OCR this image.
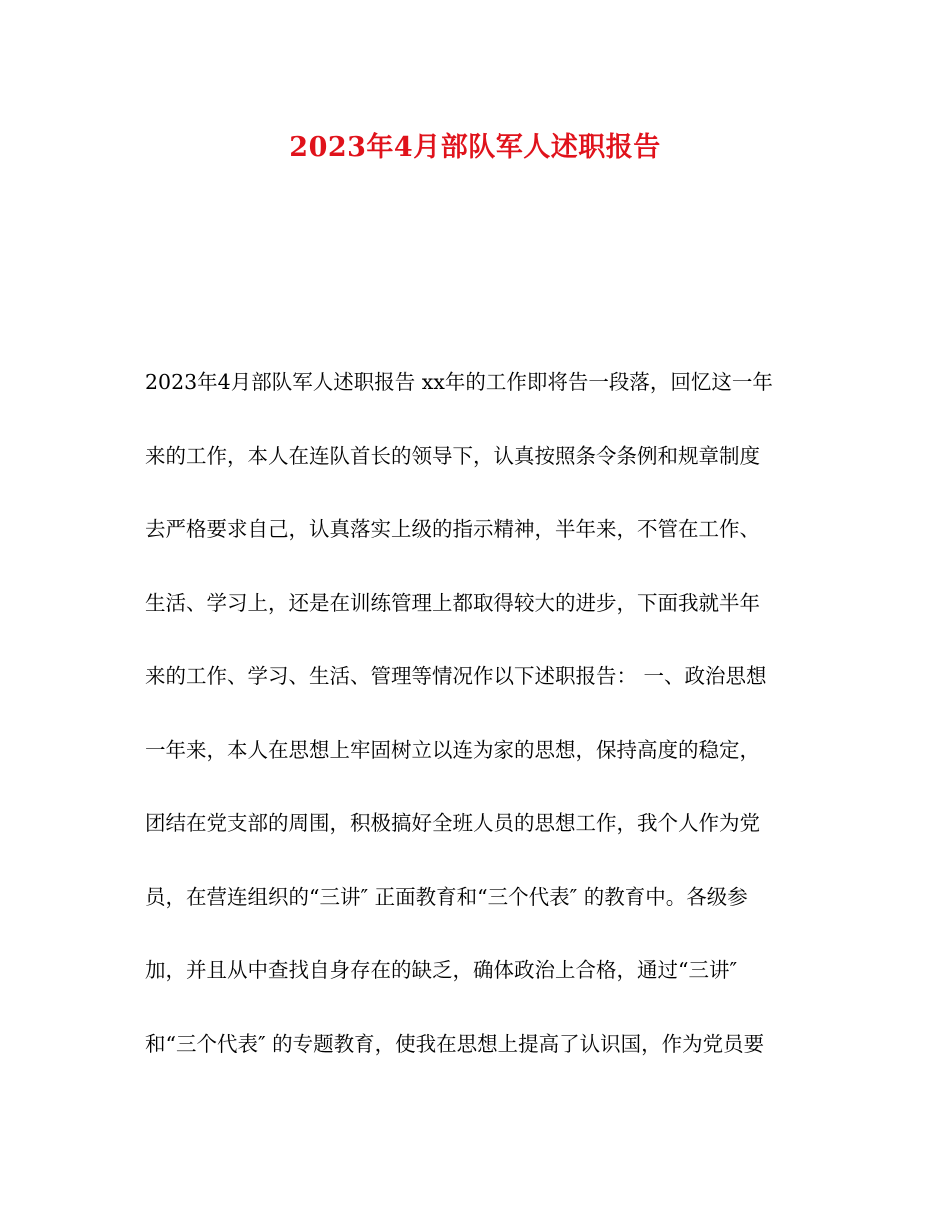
2023年4月部队军人述职报告
2023年4月部队军人述职报告 xx年的工作即将告一段落，回忆这一年
来的工作，本人在连队首长的领导下，认真按照条令条例和规章制度
去严格要求自己，认真落实上级的指示精神，半年来，不管在工作、
生活、学习上，还是在训练管理上都取得较大的进步，下面我就半年
来的工作、学习、生活、管理等情况作以下述职报告： 一、政治思想
一年来，本人在思想上牢固树立以连为家的思想，保持高度的稳定，
团结在党支部的周围，积极搞好全班人员的思想工作，我个人作为党
员，在营连组织的“三讲″ 正面教育和“三个代表″ 的教育中。各级参
加，并且从中查找自身存在的缺乏，确体政治上合格，通过“三讲″
和“三个代表″ 的专题教育，使我在思想上提高了认识国，作为党员要
